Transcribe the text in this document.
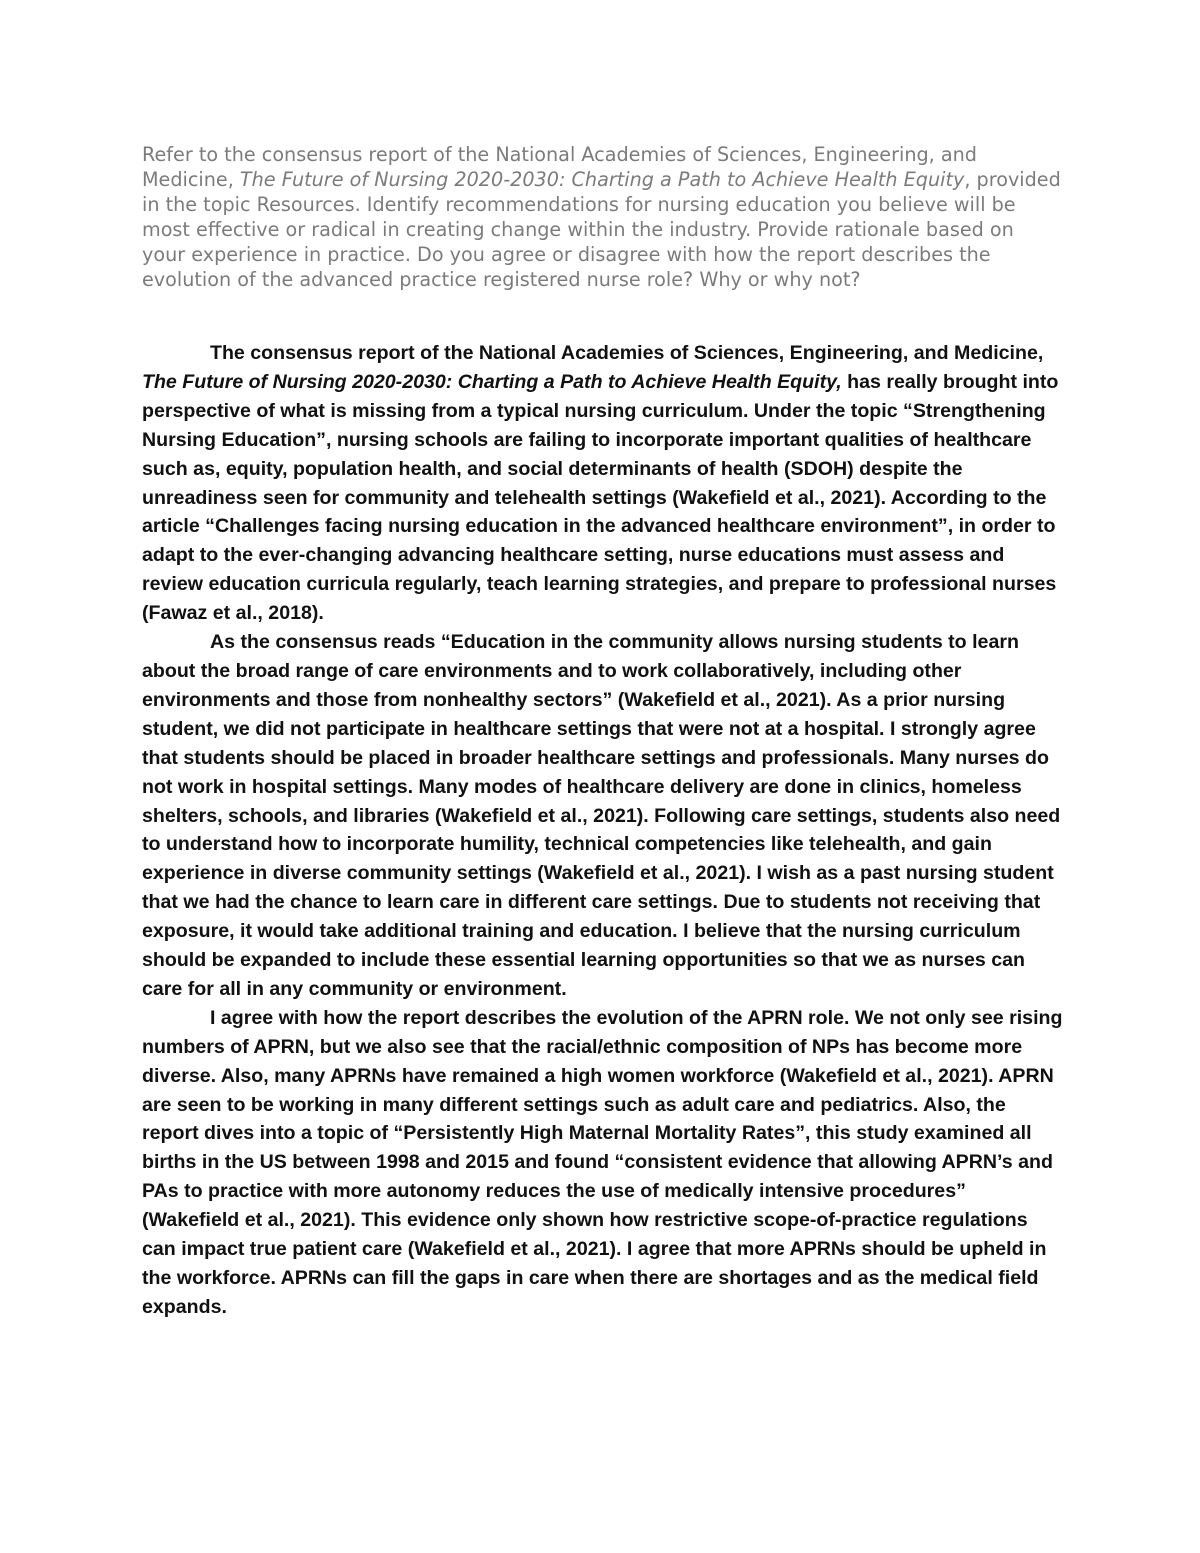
Refer to the consensus report of the National Academies of Sciences, Engineering, and Medicine, The Future of Nursing 2020-2030: Charting a Path to Achieve Health Equity, provided in the topic Resources. Identify recommendations for nursing education you believe will be most effective or radical in creating change within the industry. Provide rationale based on your experience in practice. Do you agree or disagree with how the report describes the evolution of the advanced practice registered nurse role? Why or why not?

The consensus report of the National Academies of Sciences, Engineering, and Medicine, The Future of Nursing 2020-2030: Charting a Path to Achieve Health Equity, has really brought into perspective of what is missing from a typical nursing curriculum. Under the topic “Strengthening Nursing Education”, nursing schools are failing to incorporate important qualities of healthcare such as, equity, population health, and social determinants of health (SDOH) despite the unreadiness seen for community and telehealth settings (Wakefield et al., 2021). According to the article “Challenges facing nursing education in the advanced healthcare environment”, in order to adapt to the ever-changing advancing healthcare setting, nurse educations must assess and review education curricula regularly, teach learning strategies, and prepare to professional nurses (Fawaz et al., 2018).

As the consensus reads “Education in the community allows nursing students to learn about the broad range of care environments and to work collaboratively, including other environments and those from nonhealthy sectors” (Wakefield et al., 2021). As a prior nursing student, we did not participate in healthcare settings that were not at a hospital. I strongly agree that students should be placed in broader healthcare settings and professionals. Many nurses do not work in hospital settings. Many modes of healthcare delivery are done in clinics, homeless shelters, schools, and libraries (Wakefield et al., 2021). Following care settings, students also need to understand how to incorporate humility, technical competencies like telehealth, and gain experience in diverse community settings (Wakefield et al., 2021). I wish as a past nursing student that we had the chance to learn care in different care settings. Due to students not receiving that exposure, it would take additional training and education. I believe that the nursing curriculum should be expanded to include these essential learning opportunities so that we as nurses can care for all in any community or environment.

I agree with how the report describes the evolution of the APRN role. We not only see rising numbers of APRN, but we also see that the racial/ethnic composition of NPs has become more diverse. Also, many APRNs have remained a high women workforce (Wakefield et al., 2021). APRN are seen to be working in many different settings such as adult care and pediatrics. Also, the report dives into a topic of “Persistently High Maternal Mortality Rates”, this study examined all births in the US between 1998 and 2015 and found “consistent evidence that allowing APRN’s and PAs to practice with more autonomy reduces the use of medically intensive procedures” (Wakefield et al., 2021). This evidence only shown how restrictive scope-of-practice regulations can impact true patient care (Wakefield et al., 2021). I agree that more APRNs should be upheld in the workforce. APRNs can fill the gaps in care when there are shortages and as the medical field expands.
